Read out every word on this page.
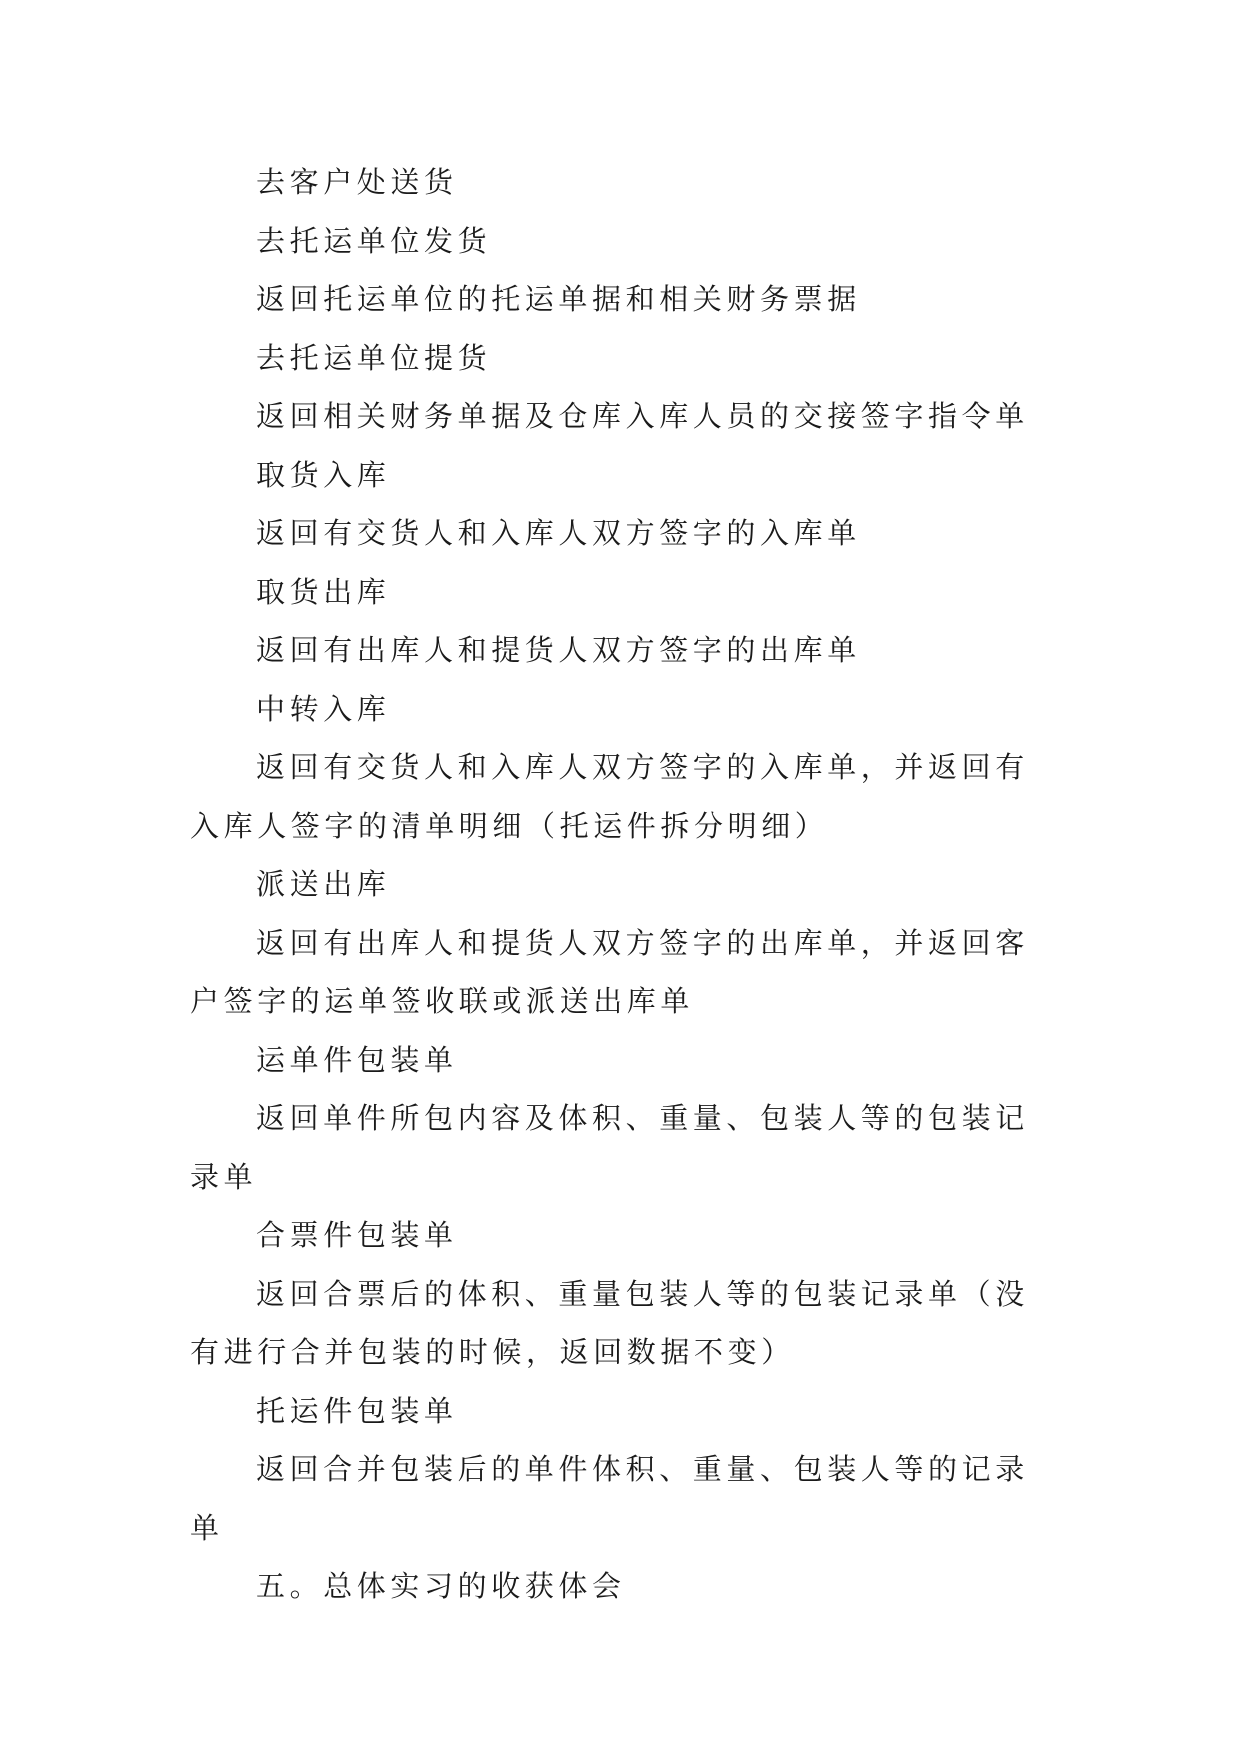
去客户处送货

去托运单位发货

返回托运单位的托运单据和相关财务票据

去托运单位提货

返回相关财务单据及仓库入库人员的交接签字指令单

取货入库

返回有交货人和入库人双方签字的入库单

取货出库

返回有出库人和提货人双方签字的出库单

中转入库

返回有交货人和入库人双方签字的入库单，并返回有入库人签字的清单明细（托运件拆分明细）

派送出库

返回有出库人和提货人双方签字的出库单，并返回客户签字的运单签收联或派送出库单

运单件包装单

返回单件所包内容及体积、重量、包装人等的包装记录单

合票件包装单

返回合票后的体积、重量包装人等的包装记录单（没有进行合并包装的时候，返回数据不变）

托运件包装单

返回合并包装后的单件体积、重量、包装人等的记录单

五。总体实习的收获体会
